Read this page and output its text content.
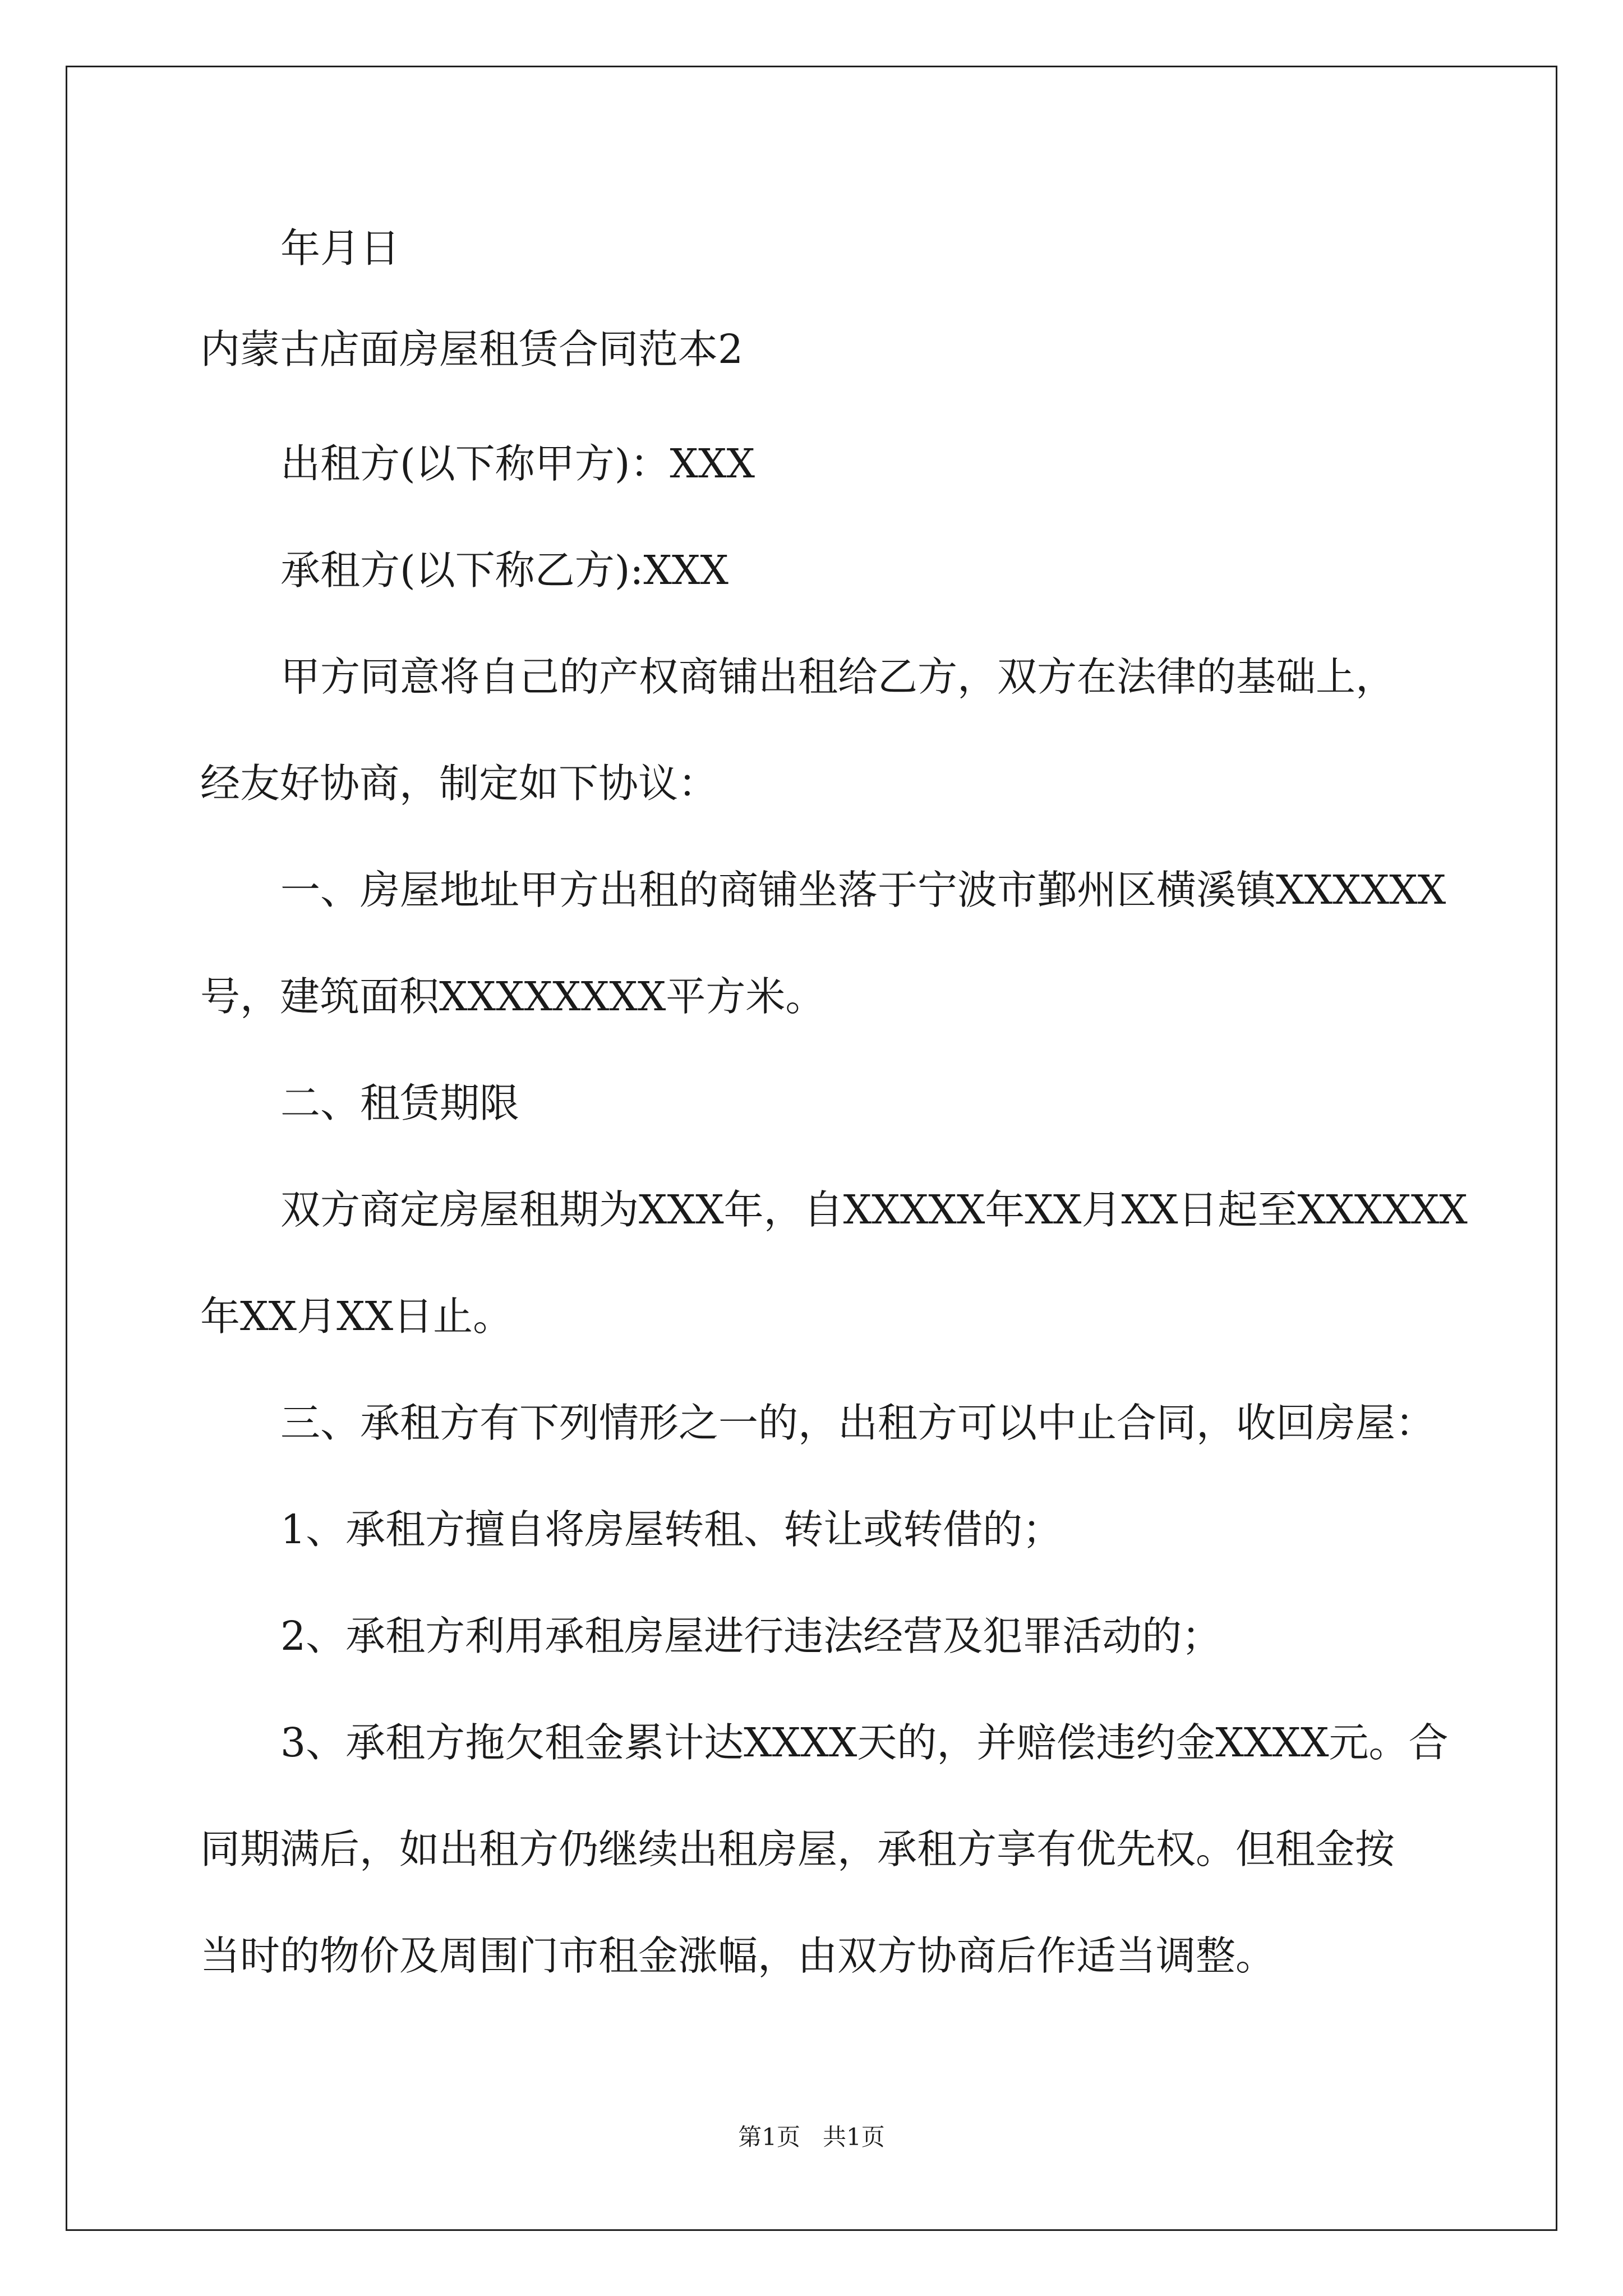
年月日

内蒙古店面房屋租赁合同范本2

出租方(以下称甲方)：XXX

承租方(以下称乙方):XXX

甲方同意将自己的产权商铺出租给乙方，双方在法律的基础上，

经友好协商，制定如下协议：

一、房屋地址甲方出租的商铺坐落于宁波市鄞州区横溪镇XXXXXX

号，建筑面积XXXXXXXX平方米。

二、租赁期限

双方商定房屋租期为XXX年，自XXXXX年XX月XX日起至XXXXXX

年XX月XX日止。

三、承租方有下列情形之一的，出租方可以中止合同，收回房屋：

1、承租方擅自将房屋转租、转让或转借的；

2、承租方利用承租房屋进行违法经营及犯罪活动的；

3、承租方拖欠租金累计达XXXX天的，并赔偿违约金XXXX元。合

同期满后，如出租方仍继续出租房屋，承租方享有优先权。但租金按

当时的物价及周围门市租金涨幅，由双方协商后作适当调整。

第1页   共1页
